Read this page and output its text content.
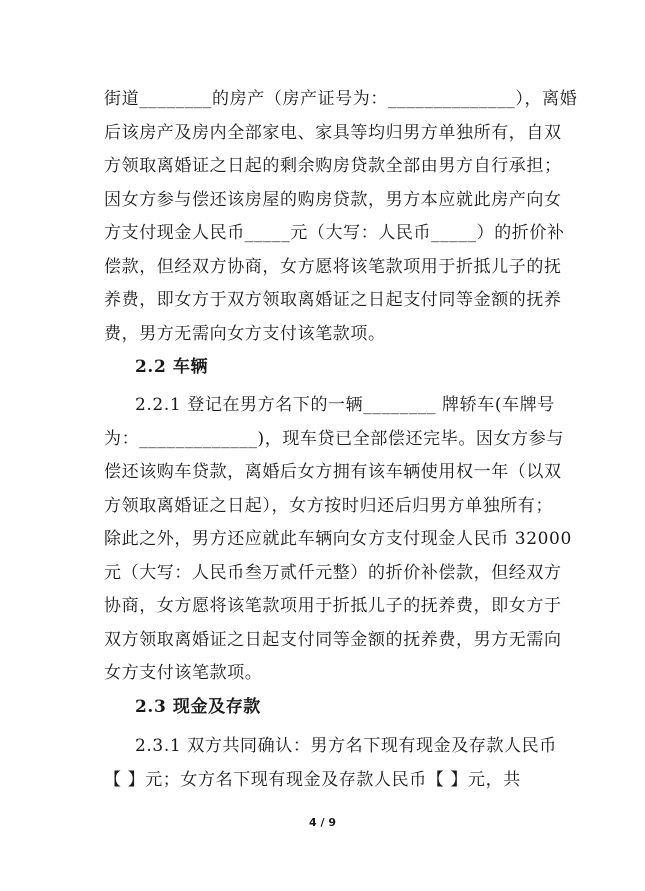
街道________的房产（房产证号为：______________），离婚
后该房产及房内全部家电、家具等均归男方单独所有，自双
方领取离婚证之日起的剩余购房贷款全部由男方自行承担；
因女方参与偿还该房屋的购房贷款，男方本应就此房产向女
方支付现金人民币_____元（大写：人民币_____）的折价补
偿款，但经双方协商，女方愿将该笔款项用于折抵儿子的抚
养费，即女方于双方领取离婚证之日起支付同等金额的抚养
费，男方无需向女方支付该笔款项。
2.2 车辆
2.2.1 登记在男方名下的一辆________ 牌轿车(车牌号
为：_____________)，现车贷已全部偿还完毕。因女方参与
偿还该购车贷款，离婚后女方拥有该车辆使用权一年（以双
方领取离婚证之日起），女方按时归还后归男方单独所有；
除此之外，男方还应就此车辆向女方支付现金人民币 32000
元（大写：人民币叁万贰仟元整）的折价补偿款，但经双方
协商，女方愿将该笔款项用于折抵儿子的抚养费，即女方于
双方领取离婚证之日起支付同等金额的抚养费，男方无需向
女方支付该笔款项。
2.3 现金及存款
2.3.1 双方共同确认：男方名下现有现金及存款人民币
【 】元；女方名下现有现金及存款人民币【 】元，共
4 / 9
